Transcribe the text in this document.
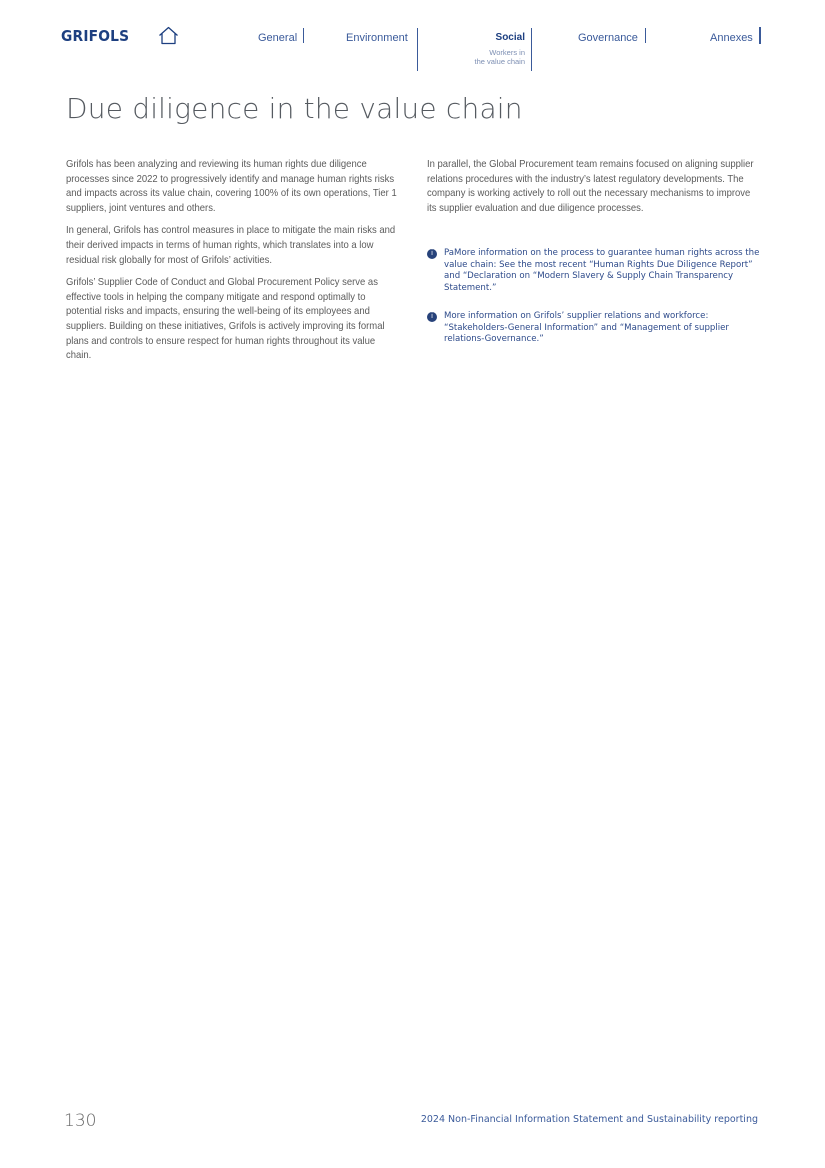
GRIFOLS	General	Environment	Social
Workers in
the value chain
Governance	Annexes
Due diligence in the value chain

Grifols has been analyzing and reviewing its human rights due diligence processes since 2022 to progressively identify and manage human rights risks and impacts across its value chain, covering 100% of its own operations, Tier 1 suppliers, joint ventures and others.

In general, Grifols has control measures in place to mitigate the main risks and their derived impacts in terms of human rights, which translates into a low residual risk globally for most of Grifols’ activities.

Grifols’ Supplier Code of Conduct and Global Procurement Policy serve as effective tools in helping the company mitigate and respond optimally to potential risks and impacts, ensuring the well-being of its employees and suppliers. Building on these initiatives, Grifols is actively improving its formal plans and controls to ensure respect for human rights throughout its value chain.

In parallel, the Global Procurement team remains focused on aligning supplier relations procedures with the industry’s latest regulatory developments. The company is working actively to roll out the necessary mechanisms to improve its supplier evaluation and due diligence processes.

i	PaMore information on the process to guarantee human rights across the value chain: See the most recent “Human Rights Due Diligence Report” and “Declaration on “Modern Slavery & Supply Chain Transparency Statement.”
i	More information on Grifols’ supplier relations and workforce: “Stakeholders-General Information” and “Management of supplier relations-Governance.”
130	2024 Non-Financial Information Statement and Sustainability reporting
